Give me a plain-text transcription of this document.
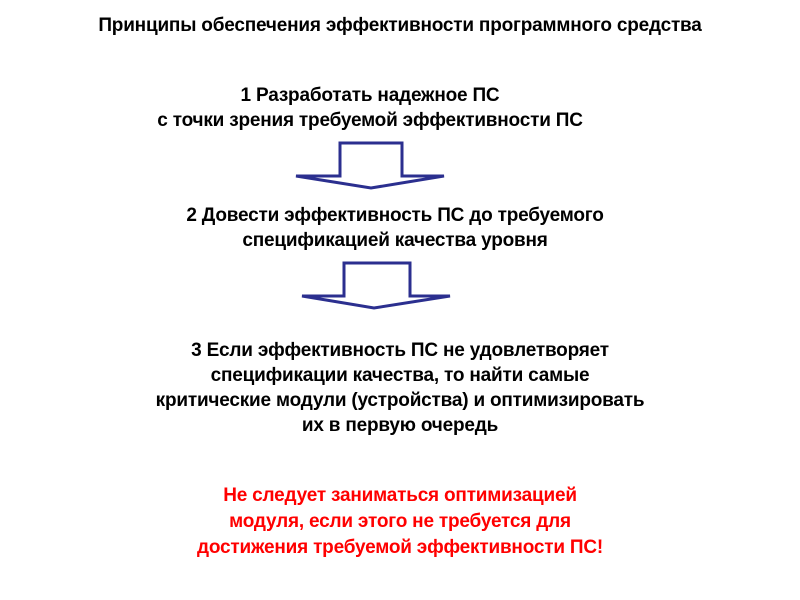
Принципы обеспечения эффективности программного средства
1 Разработать надежное ПС
с точки зрения требуемой эффективности ПС
2 Довести эффективность ПС до требуемого
спецификацией качества уровня
3 Если эффективность ПС не удовлетворяет
спецификации качества, то найти самые
критические модули (устройства) и оптимизировать
их в первую очередь
Не следует заниматься оптимизацией
модуля, если этого не требуется для
достижения требуемой эффективности ПС!
